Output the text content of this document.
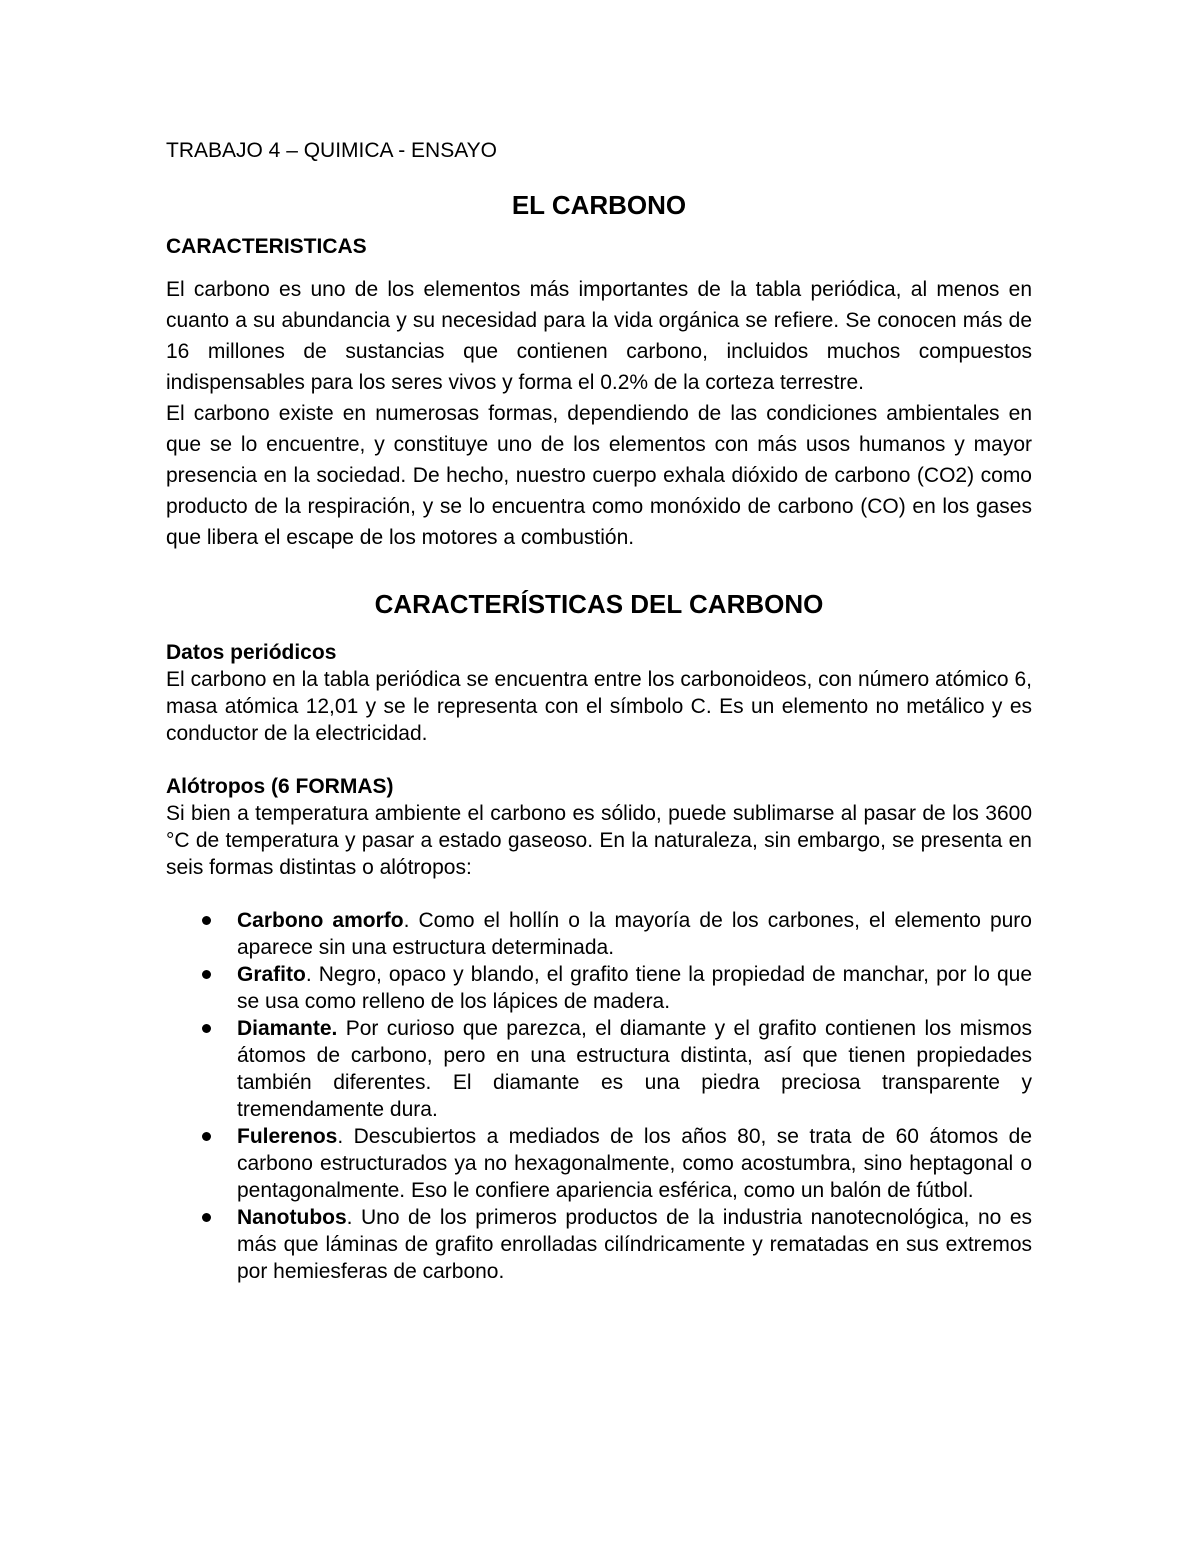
TRABAJO 4 – QUIMICA - ENSAYO

EL CARBONO
CARACTERISTICAS

El carbono es uno de los elementos más importantes de la tabla periódica, al menos en cuanto a su abundancia y su necesidad para la vida orgánica se refiere. Se conocen más de 16 millones de sustancias que contienen carbono, incluidos muchos compuestos indispensables para los seres vivos y forma el 0.2% de la corteza terrestre.

El carbono existe en numerosas formas, dependiendo de las condiciones ambientales en que se lo encuentre, y constituye uno de los elementos con más usos humanos y mayor presencia en la sociedad. De hecho, nuestro cuerpo exhala dióxido de carbono (CO2) como producto de la respiración, y se lo encuentra como monóxido de carbono (CO) en los gases que libera el escape de los motores a combustión.

CARACTERÍSTICAS DEL CARBONO
Datos periódicos

El carbono en la tabla periódica se encuentra entre los carbonoideos, con número atómico 6, masa atómica 12,01 y se le representa con el símbolo C. Es un elemento no metálico y es conductor de la electricidad.

Alótropos (6 FORMAS)

Si bien a temperatura ambiente el carbono es sólido, puede sublimarse al pasar de los 3600 °C de temperatura y pasar a estado gaseoso. En la naturaleza, sin embargo, se presenta en seis formas distintas o alótropos:

Carbono amorfo. Como el hollín o la mayoría de los carbones, el elemento puro aparece sin una estructura determinada.
Grafito. Negro, opaco y blando, el grafito tiene la propiedad de manchar, por lo que se usa como relleno de los lápices de madera.
Diamante. Por curioso que parezca, el diamante y el grafito contienen los mismos átomos de carbono, pero en una estructura distinta, así que tienen propiedades también diferentes. El diamante es una piedra preciosa transparente y tremendamente dura.
Fulerenos. Descubiertos a mediados de los años 80, se trata de 60 átomos de carbono estructurados ya no hexagonalmente, como acostumbra, sino heptagonal o pentagonalmente. Eso le confiere apariencia esférica, como un balón de fútbol.
Nanotubos. Uno de los primeros productos de la industria nanotecnológica, no es más que láminas de grafito enrolladas cilíndricamente y rematadas en sus extremos por hemiesferas de carbono.
